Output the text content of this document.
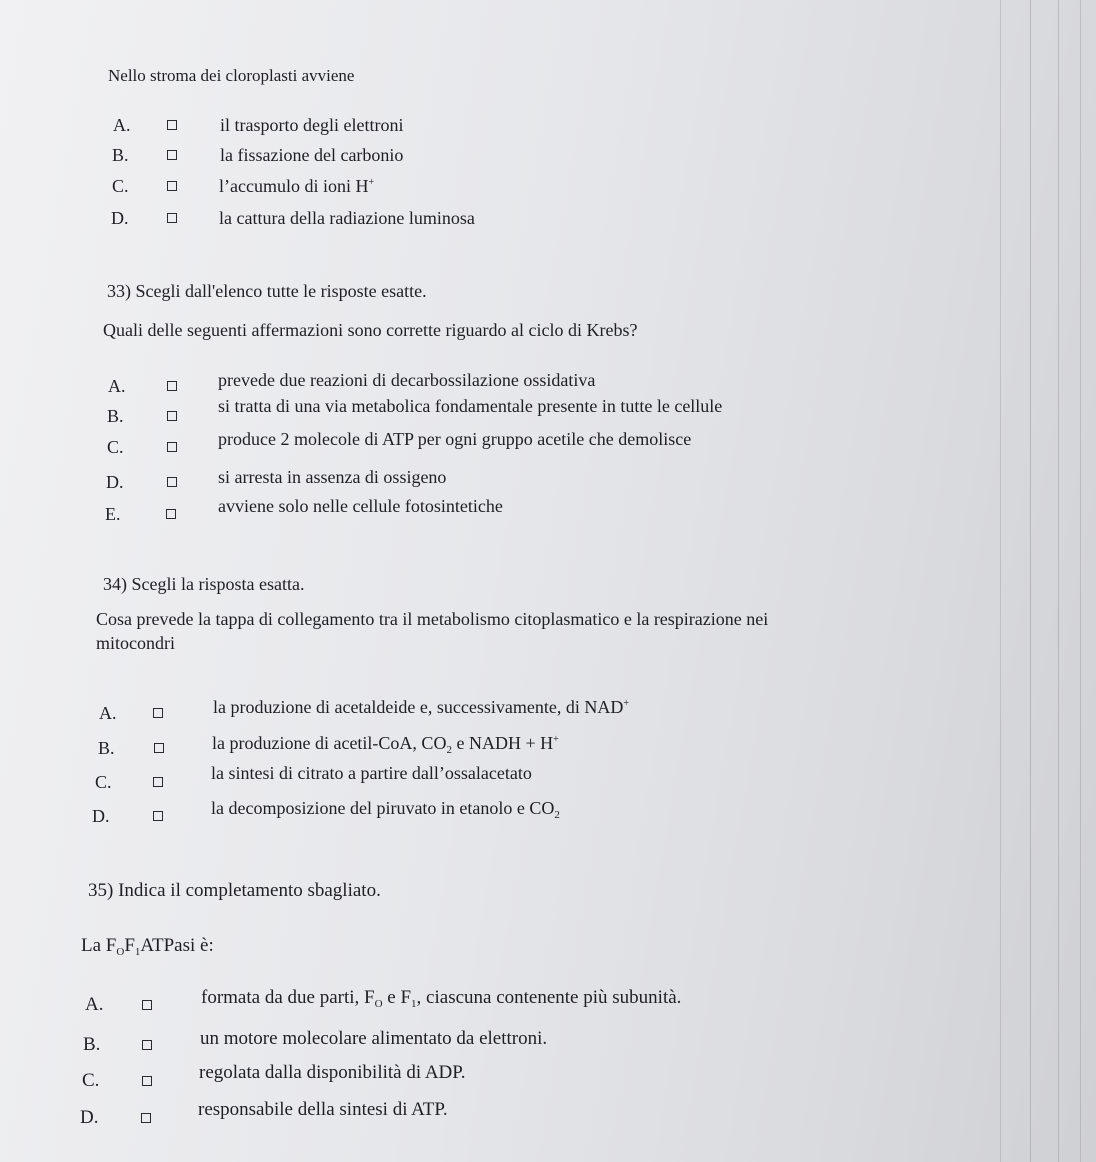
Nello stroma dei cloroplasti avviene
A.	il trasporto degli elettroni
B.	la fissazione del carbonio
C.	l’accumulo di ioni H+
D.	la cattura della radiazione luminosa
33) Scegli dall'elenco tutte le risposte esatte.
Quali delle seguenti affermazioni sono corrette riguardo al ciclo di Krebs?
A.	prevede due reazioni di decarbossilazione ossidativa
B.	si tratta di una via metabolica fondamentale presente in tutte le cellule
C.	produce 2 molecole di ATP per ogni gruppo acetile che demolisce
D.	si arresta in assenza di ossigeno
E.	avviene solo nelle cellule fotosintetiche
34) Scegli la risposta esatta.
Cosa prevede la tappa di collegamento tra il metabolismo citoplasmatico e la respirazione nei
mitocondri
A.	la produzione di acetaldeide e, successivamente, di NAD+
B.	la produzione di acetil-CoA, $CO_2$ e NADH + H+
C.	la sintesi di citrato a partire dall’ossalacetato
D.	la decomposizione del piruvato in etanolo e $CO_2$
35) Indica il completamento sbagliato.
La $F_OF_1ATPasi$ è:
A.	formata da due parti, $F_O$ e $F_1$, ciascuna contenente più subunità.
B.	un motore molecolare alimentato da elettroni.
C.	regolata dalla disponibilità di ADP.
D.	responsabile della sintesi di ATP.
